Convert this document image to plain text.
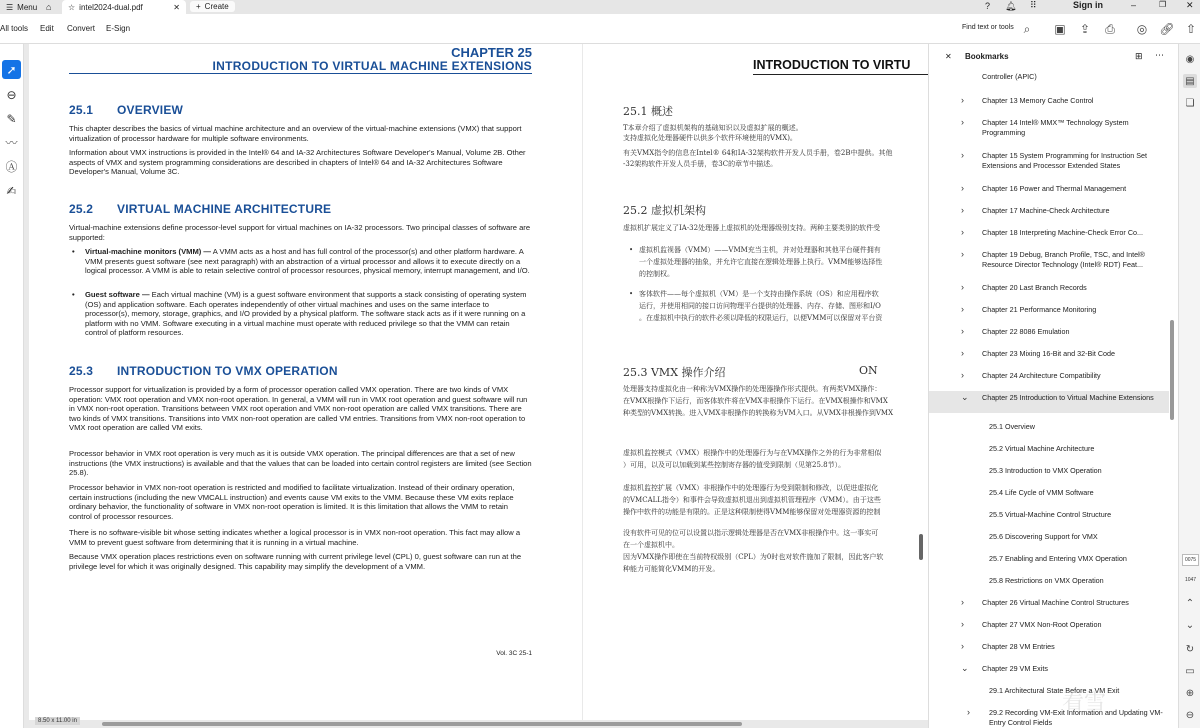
☰ Menu ⌂ ☆ intel2024-dual.pdf	✕ + Create	? 🔔︎ ⠿	Sign in	–	❐ ✕
All tools Edit Convert E-Sign	Find text or tools ⌕	▣ ⇪ ⎙ ◎ 🔗︎ ⇧
➚
⊖
✎
〰
Ⓐ
✍
CHAPTER 25
INTRODUCTION TO VIRTUAL MACHINE EXTENSIONS
25.1 OVERVIEW
This chapter describes the basics of virtual machine architecture and an overview of the virtual-machine extensions (VMX) that support virtualization of processor hardware for multiple software environments.
Information about VMX instructions is provided in the Intel® 64 and IA-32 Architectures Software Developer's Manual, Volume 2B. Other aspects of VMX and system programming considerations are described in chapters of Intel® 64 and IA-32 Architectures Software Developer's Manual, Volume 3C.
25.2 VIRTUAL MACHINE ARCHITECTURE
Virtual-machine extensions define processor-level support for virtual machines on IA-32 processors. Two principal classes of software are supported:
• Virtual-machine monitors (VMM) — A VMM acts as a host and has full control of the processor(s) and other platform hardware. A VMM presents guest software (see next paragraph) with an abstraction of a virtual processor and allows it to execute directly on a logical processor. A VMM is able to retain selective control of processor resources, physical memory, interrupt management, and I/O.
• Guest software — Each virtual machine (VM) is a guest software environment that supports a stack consisting of operating system (OS) and application software. Each operates independently of other virtual machines and uses on the same interface to processor(s), memory, storage, graphics, and I/O provided by a physical platform. The software stack acts as if it were running on a platform with no VMM. Software executing in a virtual machine must operate with reduced privilege so that the VMM can retain control of platform resources.
25.3 INTRODUCTION TO VMX OPERATION
Processor support for virtualization is provided by a form of processor operation called VMX operation. There are two kinds of VMX operation: VMX root operation and VMX non-root operation. In general, a VMM will run in VMX root operation and guest software will run in VMX non-root operation. Transitions between VMX root operation and VMX non-root operation are called VMX transitions. There are two kinds of VMX transitions. Transitions into VMX non-root operation are called VM entries. Transitions from VMX non-root operation to VMX root operation are called VM exits.
Processor behavior in VMX root operation is very much as it is outside VMX operation. The principal differences are that a set of new instructions (the VMX instructions) is available and that the values that can be loaded into certain control registers are limited (see Section 25.8).
Processor behavior in VMX non-root operation is restricted and modified to facilitate virtualization. Instead of their ordinary operation, certain instructions (including the new VMCALL instruction) and events cause VM exits to the VMM. Because these VM exits replace ordinary behavior, the functionality of software in VMX non-root operation is limited. It is this limitation that allows the VMM to retain control of processor resources.
There is no software-visible bit whose setting indicates whether a logical processor is in VMX non-root operation. This fact may allow a VMM to prevent guest software from determining that it is running in a virtual machine.
Because VMX operation places restrictions even on software running with current privilege level (CPL) 0, guest software can run at the privilege level for which it was originally designed. This capability may simplify the development of a VMM.
Vol. 3C 25-1
INTRODUCTION TO VIRTU
25.1 概述
T本章介绍了虚拟机架构的基础知识以及虚拟扩展的概述。
支持虚拟化处理器硬件以供多个软件环境使用的VMX)。
有关VMX指令的信息在Intel® 64和IA-32架构软件开发人员手册，卷2B中提供。其他
-32架构软件开发人员手册，卷3C的章节中描述。
25.2 虚拟机架构
虚拟机扩展定义了IA-32处理器上虚拟机的处理器级别支持。两种主要类别的软件受
• 虚拟机监视器（VMM）——VMM充当主机，并对处理器和其他平台硬件拥有
一个虚拟处理器的抽象，并允许它直接在逻辑处理器上执行。VMM能够选择性
的控制权。
• 客体软件——每个虚拟机（VM）是一个支持由操作系统（OS）和应用程序软
运行，并使用相同的接口访问物理平台提供的处理器、内存、存储、图形和I/O
。在虚拟机中执行的软件必须以降低的权限运行，以便VMM可以保留对平台资
25.3 VMX 操作介绍	ON
处理器支持虚拟化由一种称为VMX操作的处理器操作形式提供。有两类VMX操作：
在VMX根操作下运行，而客体软件将在VMX非根操作下运行。在VMX根操作和VMX
种类型的VMX转换。进入VMX非根操作的转换称为VM入口。从VMX非根操作到VMX
虚拟机监控模式（VMX）根操作中的处理器行为与在VMX操作之外的行为非常相似
）可用，以及可以加载到某些控制寄存器的值受到限制（见第25.8节）。
虚拟机监控扩展（VMX）非根操作中的处理器行为受到限制和修改，以促进虚拟化
的VMCALL指令）和事件会导致虚拟机退出到虚拟机管理程序（VMM）。由于这些
操作中软件的功能是有限的。正是这种限制使得VMM能够保留对处理器资源的控制
没有软件可见的位可以设置以指示逻辑处理器是否在VMX非根操作中。这一事实可
在一个虚拟机中。
因为VMX操作即使在当前特权级别（CPL）为0时也对软件施加了限制，因此客户软
种能力可能简化VMM的开发。
8.50 x 11.00 in
✕ Bookmarks	⊞ ⋯
Controller (APIC)
›	Chapter 13 Memory Cache Control
›	Chapter 14 Intel® MMX™ Technology System Programming
›	Chapter 15 System Programming for Instruction Set Extensions and Processor Extended States
›	Chapter 16 Power and Thermal Management
›	Chapter 17 Machine-Check Architecture
›	Chapter 18 Interpreting Machine-Check Error Co...
›	Chapter 19 Debug, Branch Profile, TSC, and Intel® Resource Director Technology (Intel® RDT) Feat...
›	Chapter 20 Last Branch Records
›	Chapter 21 Performance Monitoring
›	Chapter 22 8086 Emulation
›	Chapter 23 Mixing 16-Bit and 32-Bit Code
›	Chapter 24 Architecture Compatibility
⌄ Chapter 25 Introduction to Virtual Machine Extensions
25.1 Overview
25.2 Virtual Machine Architecture
25.3 Introduction to VMX Operation
25.4 Life Cycle of VMM Software
25.5 Virtual-Machine Control Structure
25.6 Discovering Support for VMX
25.7 Enabling and Entering VMX Operation
25.8 Restrictions on VMX Operation
›	Chapter 26 Virtual Machine Control Structures
›	Chapter 27 VMX Non-Root Operation
›	Chapter 28 VM Entries
⌄ Chapter 29 VM Exits
29.1 Architectural State Before a VM Exit
›	29.2 Recording VM-Exit Information and Updating VM-Entry Control Fields
◉
▤
❏
0075
1047
⌃
⌄
↻
▭
⊕
⊖
看雪
